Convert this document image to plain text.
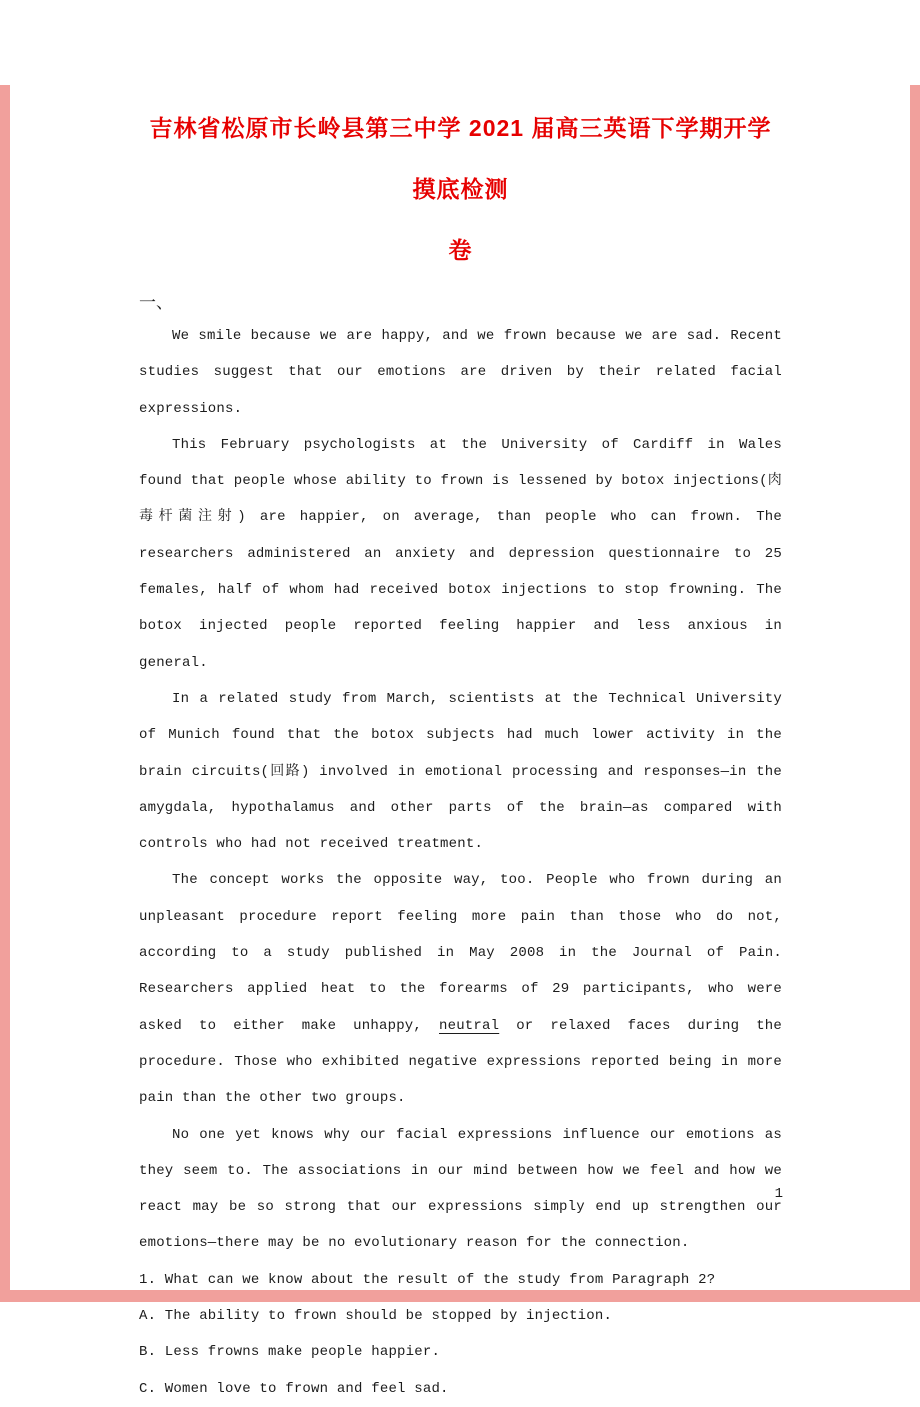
吉林省松原市长岭县第三中学 2021 届高三英语下学期开学摸底检测
卷
一、

We smile because we are happy, and we frown because we are sad. Recent studies suggest that our emotions are driven by their related facial expressions.

This February psychologists at the University of Cardiff in Wales found that people whose ability to frown is lessened by botox injections(肉毒杆菌注射) are happier, on average, than people who can frown. The researchers administered an anxiety and depression questionnaire to 25 females, half of whom had received botox injections to stop frowning. The botox injected people reported feeling happier and less anxious in general.

In a related study from March, scientists at the Technical University of Munich found that the botox subjects had much lower activity in the brain circuits(回路) involved in emotional processing and responses—in the amygdala, hypothalamus and other parts of the brain—as compared with controls who had not received treatment.

The concept works the opposite way, too. People who frown during an unpleasant procedure report feeling more pain than those who do not, according to a study published in May 2008 in the Journal of Pain. Researchers applied heat to the forearms of 29 participants, who were asked to either make unhappy, neutral or relaxed faces during the procedure. Those who exhibited negative expressions reported being in more pain than the other two groups.

No one yet knows why our facial expressions influence our emotions as they seem to. The associations in our mind between how we feel and how we react may be so strong that our expressions simply end up strengthen our emotions—there may be no evolutionary reason for the connection.

1. What can we know about the result of the study from Paragraph 2?

A. The ability to frown should be stopped by injection.

B. Less frowns make people happier.

C. Women love to frown and feel sad.

1
